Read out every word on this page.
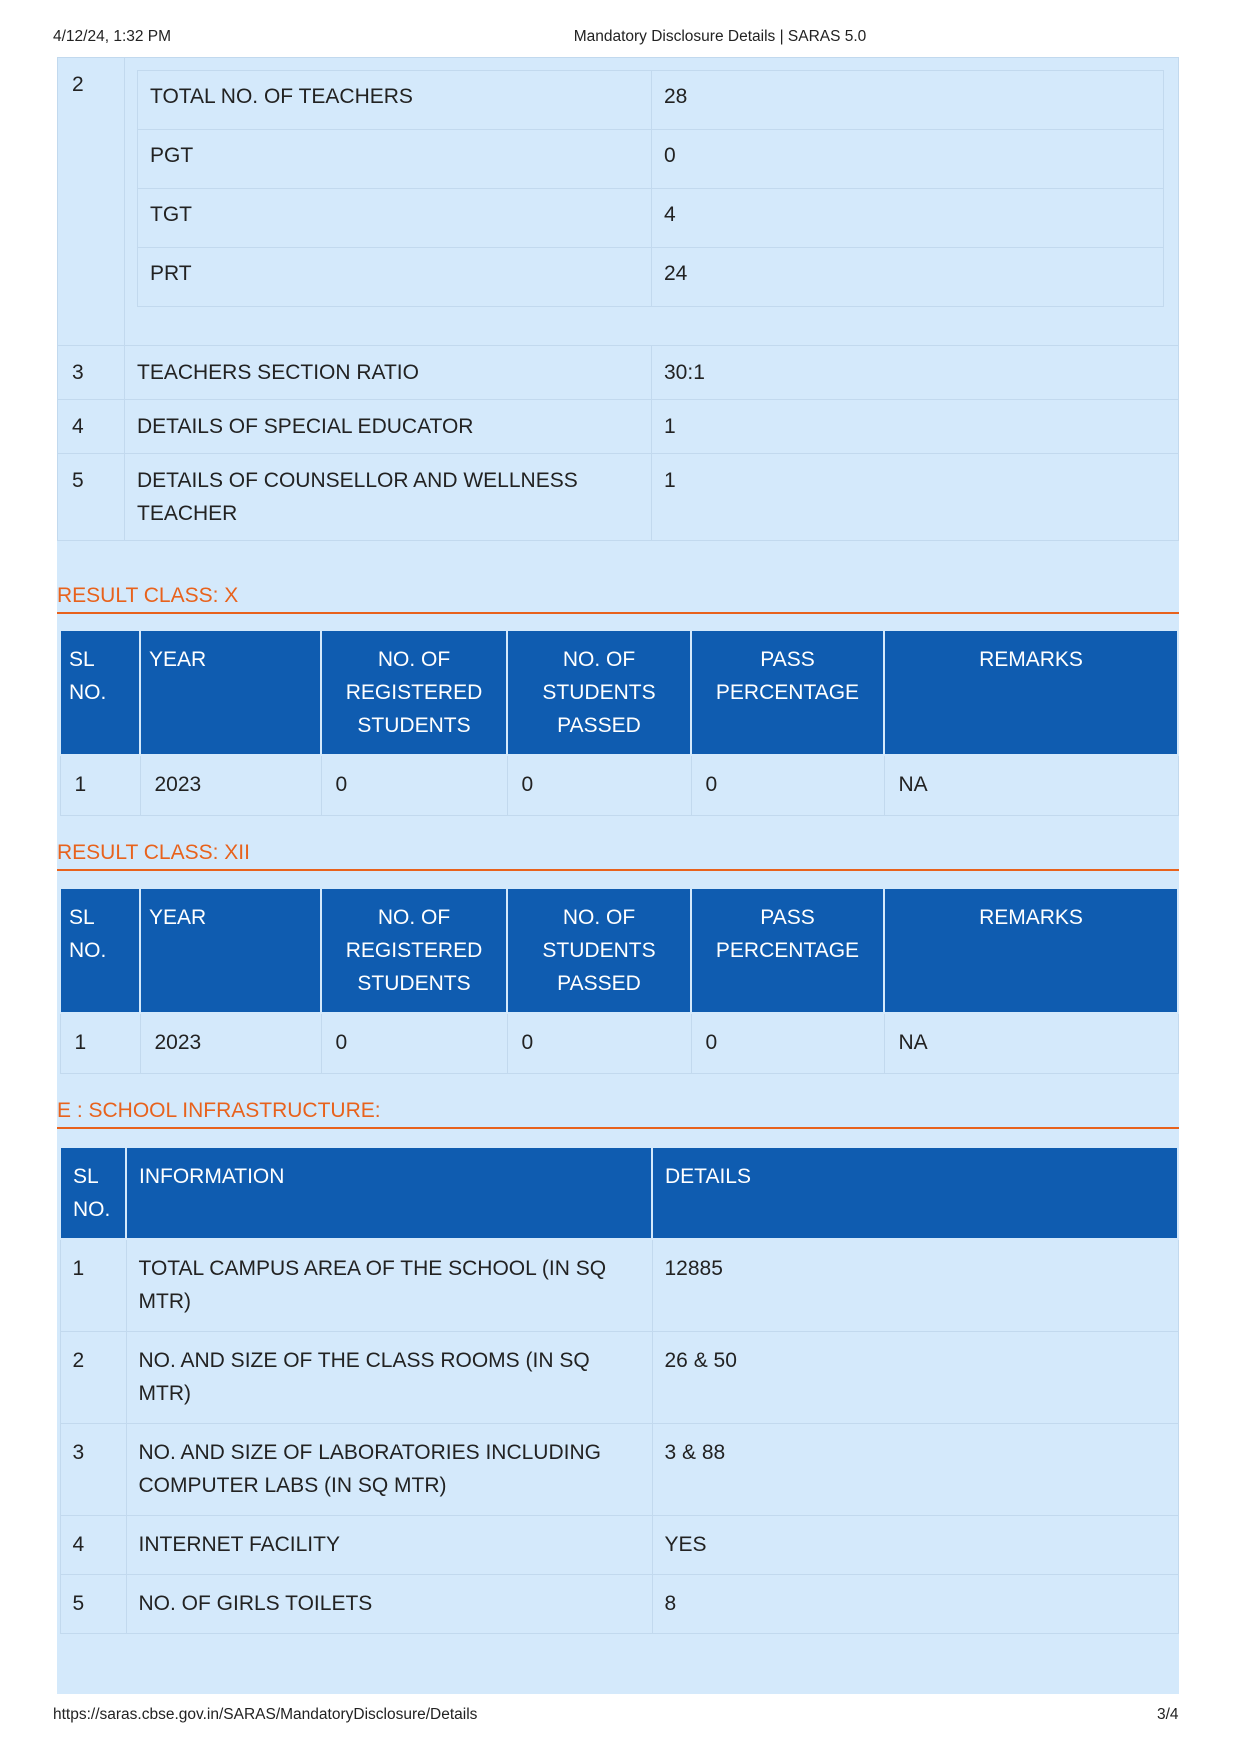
4/12/24, 1:32 PM	Mandatory Disclosure Details | SARAS 5.0
2	
TOTAL NO. OF TEACHERS	28
PGT	0
TGT	4
PRT	24

3	TEACHERS SECTION RATIO	30:1
4	DETAILS OF SPECIAL EDUCATOR	1
5	DETAILS OF COUNSELLOR AND WELLNESS TEACHER	1
RESULT CLASS: X
SL NO.	YEAR	NO. OF REGISTERED STUDENTS	NO. OF STUDENTS PASSED	PASS PERCENTAGE	REMARKS
1	2023	0	0	0	NA
RESULT CLASS: XII
SL NO.	YEAR	NO. OF REGISTERED STUDENTS	NO. OF STUDENTS PASSED	PASS PERCENTAGE	REMARKS
1	2023	0	0	0	NA
E : SCHOOL INFRASTRUCTURE:
SL NO.	INFORMATION	DETAILS
1	TOTAL CAMPUS AREA OF THE SCHOOL (IN SQ MTR)	12885
2	NO. AND SIZE OF THE CLASS ROOMS (IN SQ MTR)	26 & 50
3	NO. AND SIZE OF LABORATORIES INCLUDING COMPUTER LABS (IN SQ MTR)	3 & 88
4	INTERNET FACILITY	YES
5	NO. OF GIRLS TOILETS	8
https://saras.cbse.gov.in/SARAS/MandatoryDisclosure/Details	3/4
